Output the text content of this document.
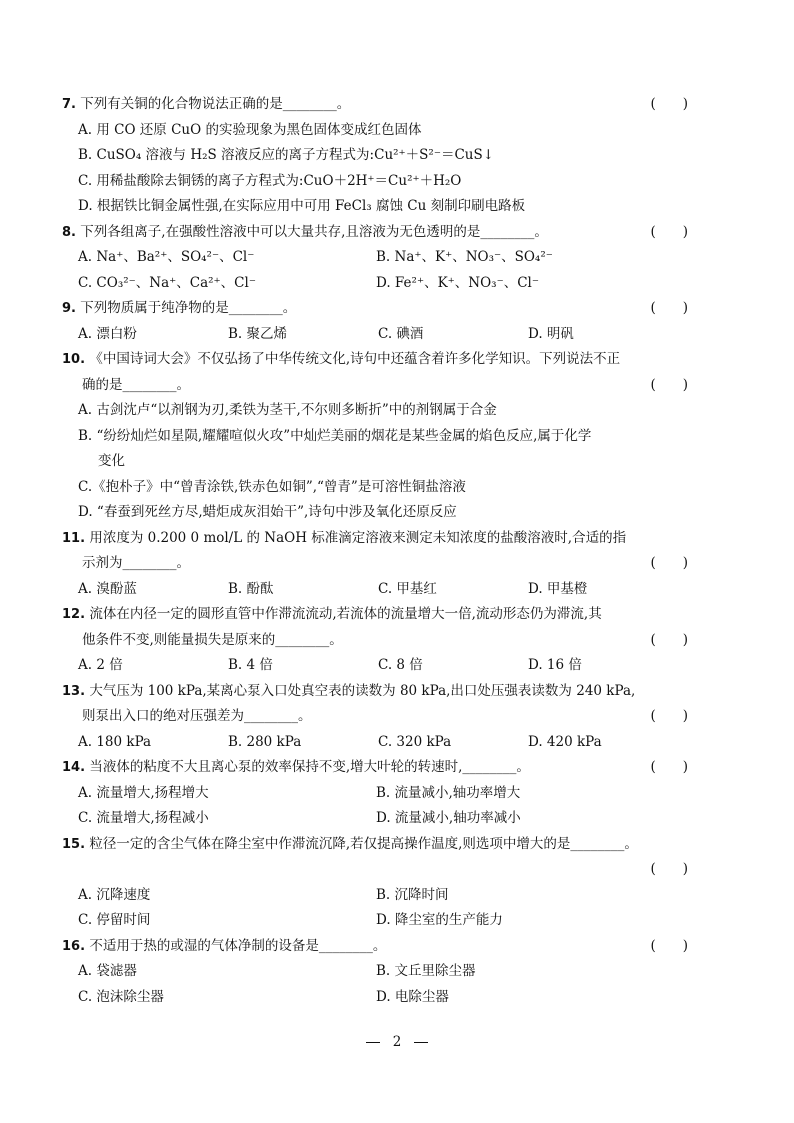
7. 下列有关铜的化合物说法正确的是________。	(　　)
A. 用 CO 还原 CuO 的实验现象为黑色固体变成红色固体
B. CuSO₄ 溶液与 H₂S 溶液反应的离子方程式为:Cu²⁺＋S²⁻＝CuS↓
C. 用稀盐酸除去铜锈的离子方程式为:CuO＋2H⁺＝Cu²⁺＋H₂O
D. 根据铁比铜金属性强,在实际应用中可用 FeCl₃ 腐蚀 Cu 刻制印刷电路板
8. 下列各组离子,在强酸性溶液中可以大量共存,且溶液为无色透明的是________。	(　　)
A. Na⁺、Ba²⁺、SO₄²⁻、Cl⁻	B. Na⁺、K⁺、NO₃⁻、SO₄²⁻
C. CO₃²⁻、Na⁺、Ca²⁺、Cl⁻	D. Fe²⁺、K⁺、NO₃⁻、Cl⁻
9. 下列物质属于纯净物的是________。	(　　)
A. 漂白粉	B. 聚乙烯	C. 碘酒	D. 明矾
10. 《中国诗词大会》不仅弘扬了中华传统文化,诗句中还蕴含着许多化学知识。下列说法不正
确的是________。	(　　)
A. 古剑沈卢“以剂钢为刃,柔铁为茎干,不尔则多断折”中的剂钢属于合金
B. “纷纷灿烂如星陨,耀耀喧似火攻”中灿烂美丽的烟花是某些金属的焰色反应,属于化学
变化
C.《抱朴子》中“曾青涂铁,铁赤色如铜”,“曾青”是可溶性铜盐溶液
D. “春蚕到死丝方尽,蜡炬成灰泪始干”,诗句中涉及氧化还原反应
11. 用浓度为 0.200 0 mol/L 的 NaOH 标准滴定溶液来测定未知浓度的盐酸溶液时,合适的指
示剂为________。	(　　)
A. 溴酚蓝	B. 酚酞	C. 甲基红	D. 甲基橙
12. 流体在内径一定的圆形直管中作滞流流动,若流体的流量增大一倍,流动形态仍为滞流,其
他条件不变,则能量损失是原来的________。	(　　)
A. 2 倍	B. 4 倍	C. 8 倍	D. 16 倍
13. 大气压为 100 kPa,某离心泵入口处真空表的读数为 80 kPa,出口处压强表读数为 240 kPa,
则泵出入口的绝对压强差为________。	(　　)
A. 180 kPa	B. 280 kPa	C. 320 kPa	D. 420 kPa
14. 当液体的粘度不大且离心泵的效率保持不变,增大叶轮的转速时,________。	(　　)
A. 流量增大,扬程增大	B. 流量减小,轴功率增大
C. 流量增大,扬程减小	D. 流量减小,轴功率减小
15. 粒径一定的含尘气体在降尘室中作滞流沉降,若仅提高操作温度,则选项中增大的是________。
(　　)
A. 沉降速度	B. 沉降时间
C. 停留时间	D. 降尘室的生产能力
16. 不适用于热的或湿的气体净制的设备是________。	(　　)
A. 袋滤器	B. 文丘里除尘器
C. 泡沫除尘器	D. 电除尘器
2
